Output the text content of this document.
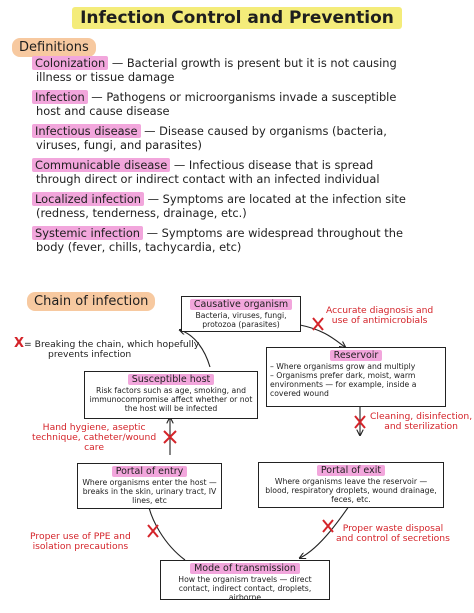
Infection Control and Prevention
Definitions
Colonization — Bacterial growth is present but it is not causing
illness or tissue damage
Infection — Pathogens or microorganisms invade a susceptible
host and cause disease
Infectious disease — Disease caused by organisms (bacteria,
viruses, fungi, and parasites)
Communicable disease — Infectious disease that is spread
through direct or indirect contact with an infected individual
Localized infection — Symptoms are located at the infection site
(redness, tenderness, drainage, etc.)
Systemic infection — Symptoms are widespread throughout the
body (fever, chills, tachycardia, etc)
Chain of infection
X= Breaking the chain, which hopefully
prevents infection
Causative organism
Bacteria, viruses, fungi, protozoa (parasites)
Reservoir
– Where organisms grow and multiply
– Organisms prefer dark, moist, warm environments — for example, inside a covered wound
Portal of exit
Where organisms leave the reservoir — blood, respiratory droplets, wound drainage, feces, etc.
Mode of transmission
How the organism travels — direct contact, indirect contact, droplets, airborne
Portal of entry
Where organisms enter the host — breaks in the skin, urinary tract, IV lines, etc
Susceptible host
Risk factors such as age, smoking, and immunocompromise affect whether or not the host will be infected
Accurate diagnosis and
use of antimicrobials
Cleaning, disinfection,
and sterilization
Proper waste disposal
and control of secretions
Proper use of PPE and
isolation precautions
Hand hygiene, aseptic
technique, catheter/wound
care
